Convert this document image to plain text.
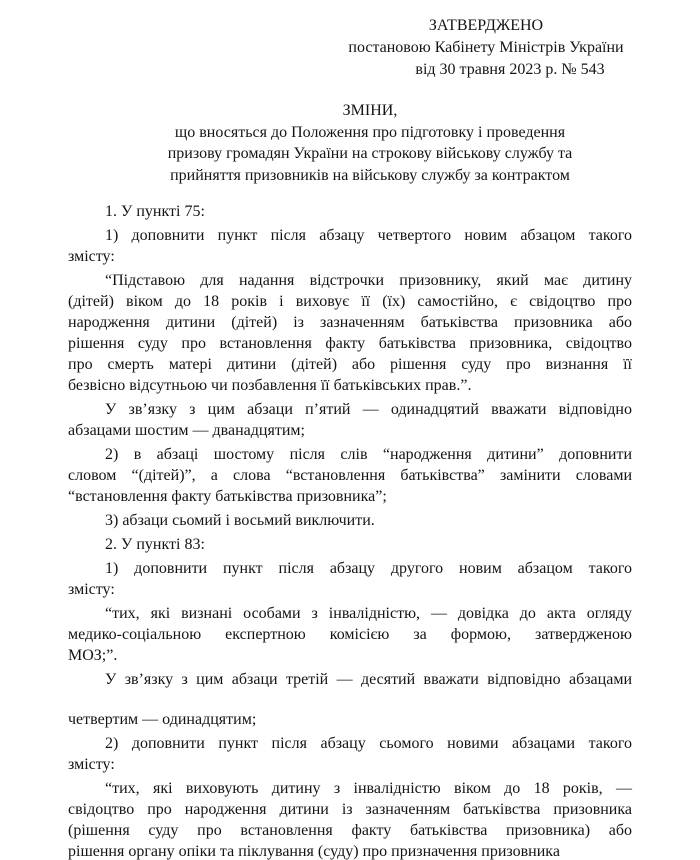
ЗАТВЕРДЖЕНО
постановою Кабінету Міністрів України
від 30 травня 2023 р. № 543
ЗМІНИ,
що вносяться до Положення про підготовку і проведення
призову громадян України на строкову військову службу та
прийняття призовників на військову службу за контрактом

1. У пункті 75:

1) доповнити пункт після абзацу четвертого новим абзацом такого
змісту:

“Підставою для надання відстрочки призовнику, який має дитину
(дітей) віком до 18 років і виховує її (їх) самостійно, є свідоцтво про
народження дитини (дітей) із зазначенням батьківства призовника або
рішення суду про встановлення факту батьківства призовника, свідоцтво
про смерть матері дитини (дітей) або рішення суду про визнання її
безвісно відсутньою чи позбавлення її батьківських прав.”.

У зв’язку з цим абзаци п’ятий — одинадцятий вважати відповідно
абзацами шостим — дванадцятим;

2) в абзаці шостому після слів “народження дитини” доповнити
словом “(дітей)”, а слова “встановлення батьківства” замінити словами
“встановлення факту батьківства призовника”;

3) абзаци сьомий і восьмий виключити.

2. У пункті 83:

1) доповнити пункт після абзацу другого новим абзацом такого
змісту:

“тих, які визнані особами з інвалідністю, — довідка до акта огляду
медико-соціальною експертною комісією за формою, затвердженою
МОЗ;”.

У зв’язку з цим абзаци третій — десятий вважати відповідно абзацами

четвертим — одинадцятим;

2) доповнити пункт після абзацу сьомого новими абзацами такого
змісту:

“тих, які виховують дитину з інвалідністю віком до 18 років, —
свідоцтво про народження дитини із зазначенням батьківства призовника
(рішення суду про встановлення факту батьківства призовника) або
рішення органу опіки та піклування (суду) про призначення призовника
